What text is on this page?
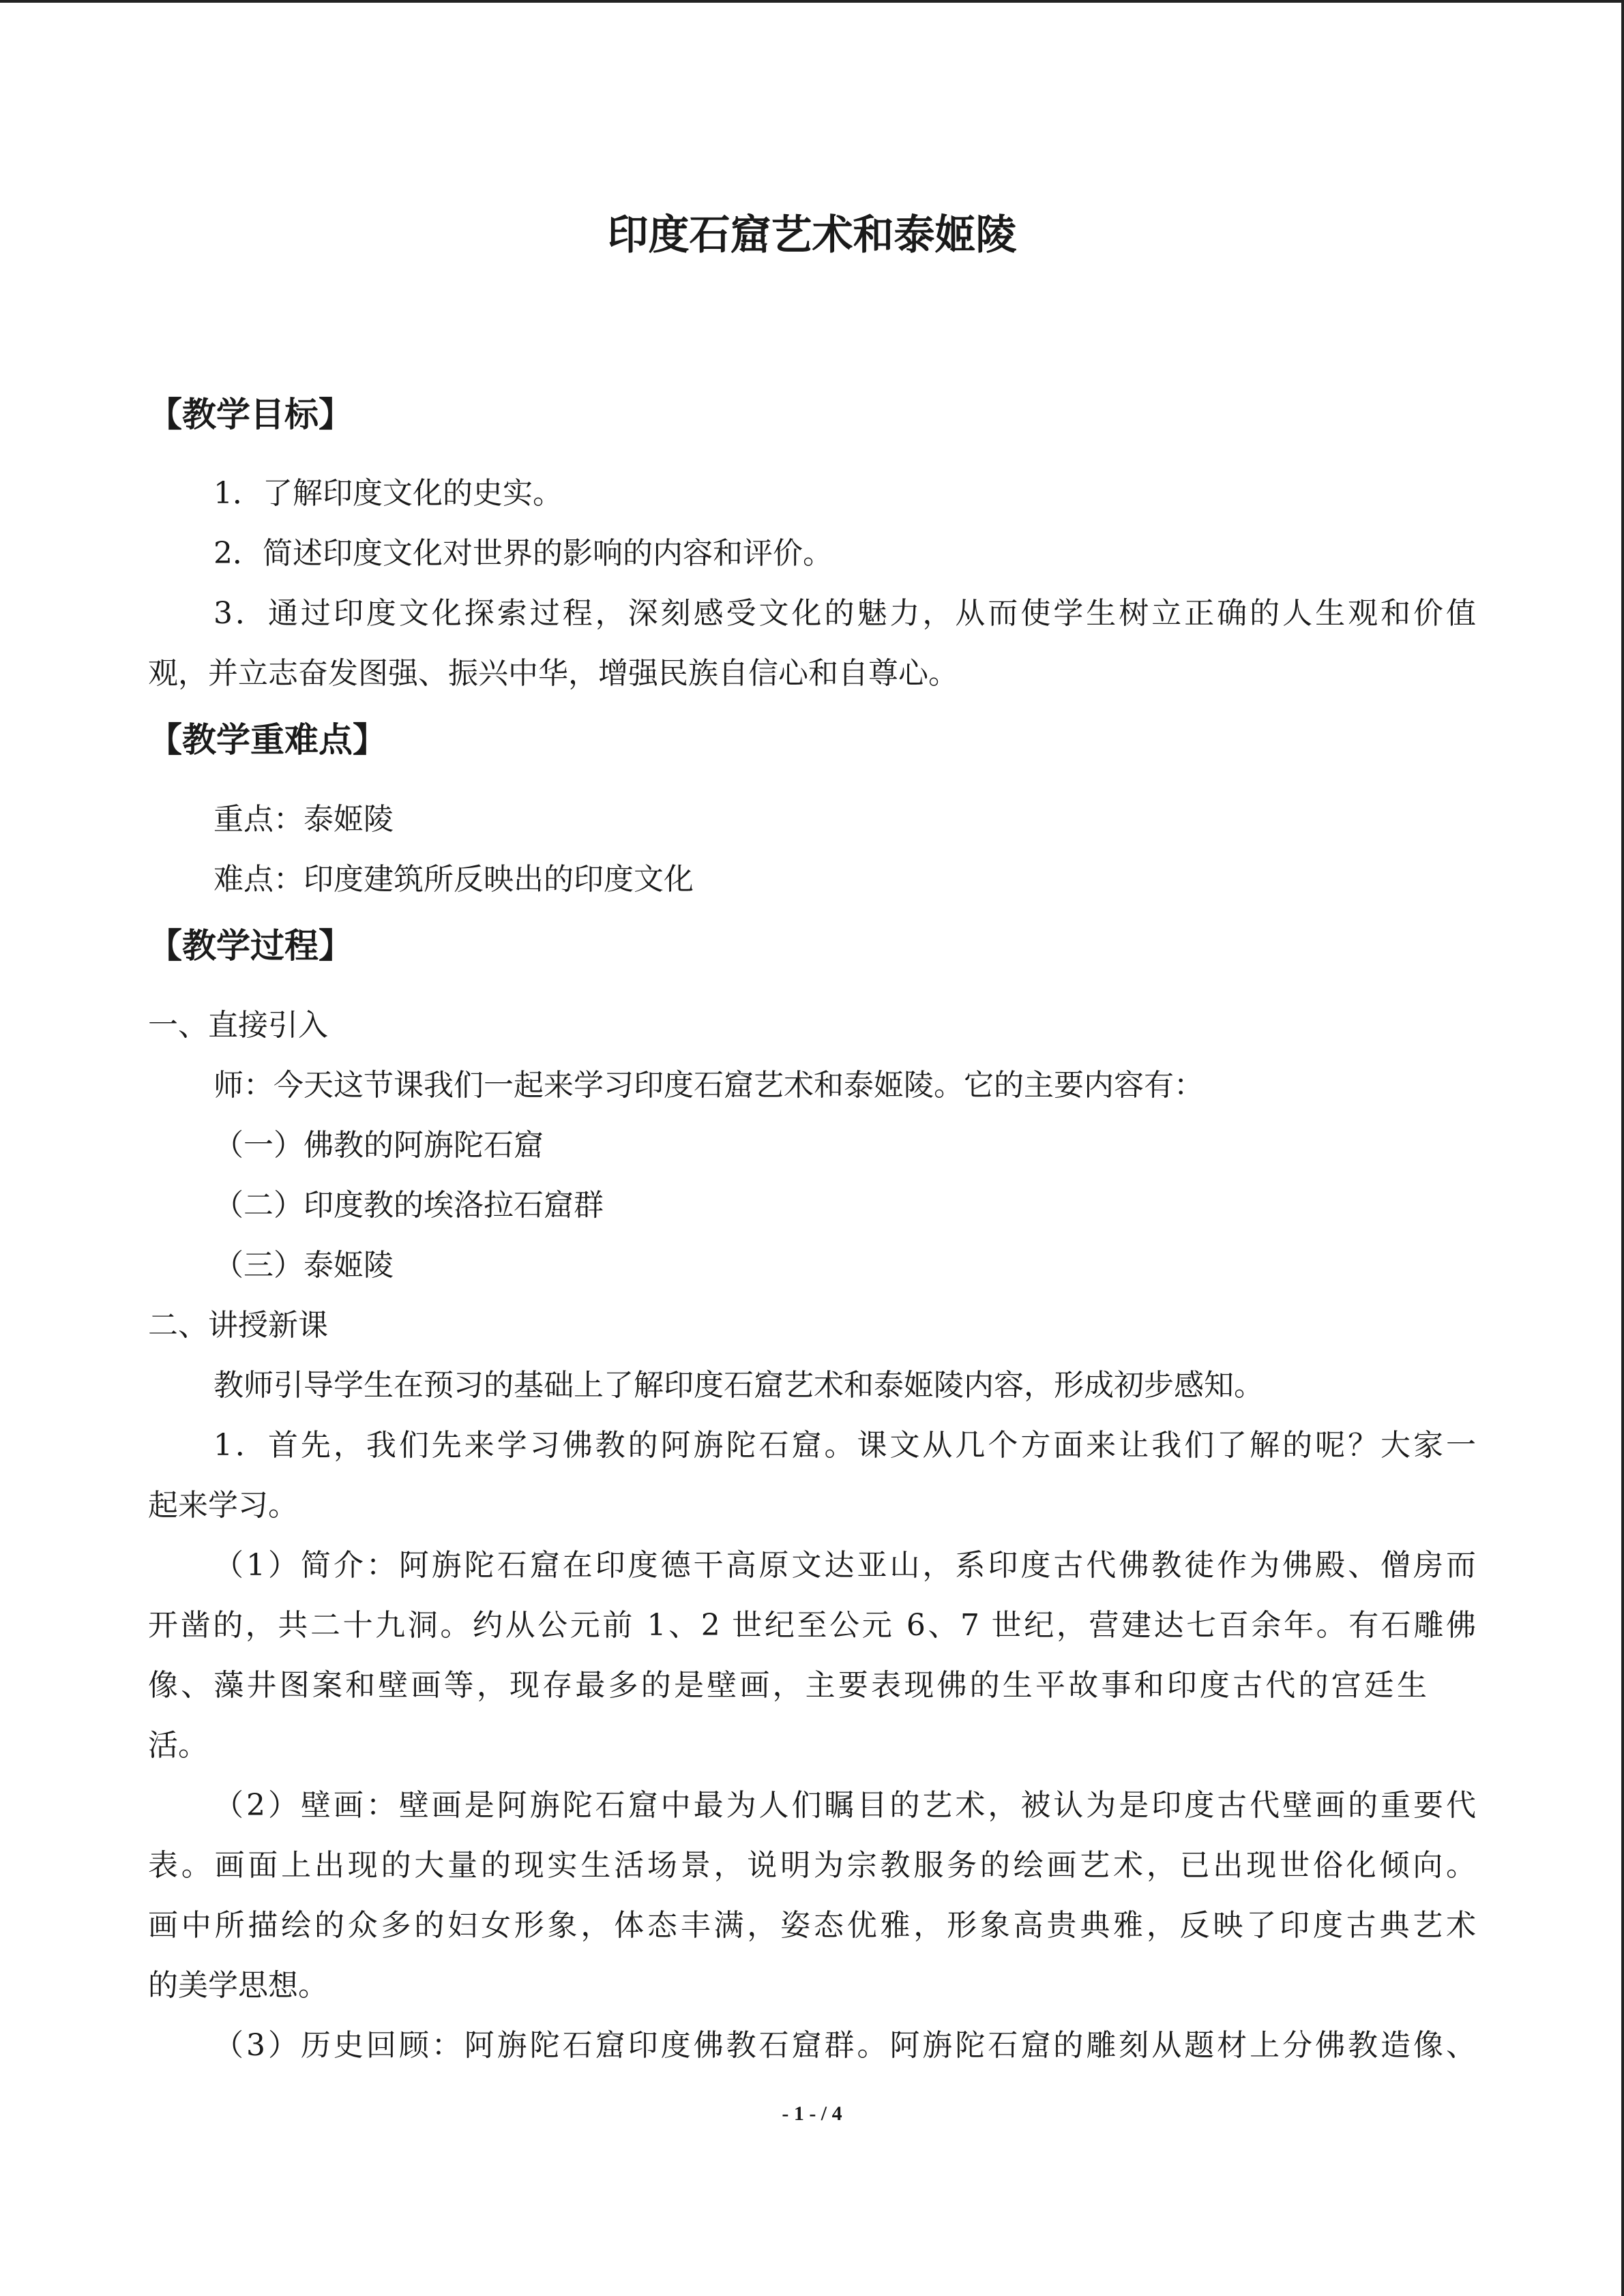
印度石窟艺术和泰姬陵
【教学目标】
1．了解印度文化的史实。
2．简述印度文化对世界的影响的内容和评价。
3．通过印度文化探索过程，深刻感受文化的魅力，从而使学生树立正确的人生观和价值
观，并立志奋发图强、振兴中华，增强民族自信心和自尊心。
【教学重难点】
重点：泰姬陵
难点：印度建筑所反映出的印度文化
【教学过程】
一、直接引入
师：今天这节课我们一起来学习印度石窟艺术和泰姬陵。它的主要内容有：
（一）佛教的阿旃陀石窟
（二）印度教的埃洛拉石窟群
（三）泰姬陵
二、讲授新课
教师引导学生在预习的基础上了解印度石窟艺术和泰姬陵内容，形成初步感知。
1．首先，我们先来学习佛教的阿旃陀石窟。课文从几个方面来让我们了解的呢？大家一
起来学习。
（1）简介：阿旃陀石窟在印度德干高原文达亚山，系印度古代佛教徒作为佛殿、僧房而
开凿的，共二十九洞。约从公元前 1、2 世纪至公元 6、7 世纪，营建达七百余年。有石雕佛
像、藻井图案和壁画等，现存最多的是壁画，主要表现佛的生平故事和印度古代的宫廷生
活。
（2）壁画：壁画是阿旃陀石窟中最为人们瞩目的艺术，被认为是印度古代壁画的重要代
表。画面上出现的大量的现实生活场景，说明为宗教服务的绘画艺术，已出现世俗化倾向。
画中所描绘的众多的妇女形象，体态丰满，姿态优雅，形象高贵典雅，反映了印度古典艺术
的美学思想。
（3）历史回顾：阿旃陀石窟印度佛教石窟群。阿旃陀石窟的雕刻从题材上分佛教造像、
- 1 - / 4
